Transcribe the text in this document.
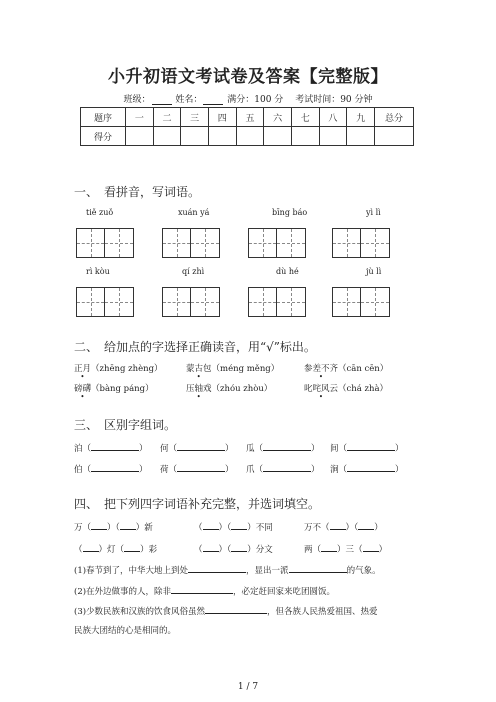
小升初语文考试卷及答案【完整版】
班级：	姓名：	满分：100 分　 考试时间：90 分钟
题序	一	二	三	四	五	六	七	八	九	总分
得分										
一、　看拼音，写词语。
tiě zuǒ	xuán yá	bīng báo	yì lì
rì kòu	qí zhì	dù hé	jù lì
二、　给加点的字选择正确读音，用“√”标出。
正月（zhēng zhèng）	蒙古包（méng měng）	参差不齐（cān cēn）
磅礴（bàng páng）	压轴戏（zhóu zhòu）	叱咤风云（chá zhà）
三、　区别字组词。
泊（	） 何（	） 瓜（	） 间（	）
伯（	） 荷（	） 爪（	） 涧（	）
四、　把下列四字词语补充完整，并选词填空。
万（ ）（ ）新	（ ）（ ）不同	万不（ ）（ ）
（ ）灯（ ）彩	（ ）（ ）分文	两（ ）三（ ）
(1)春节到了，中华大地上到处	，显出一派	的气象。
(2)在外边做事的人，除非	，必定赶回家来吃团圆饭。
(3)少数民族和汉族的饮食风俗虽然	，但各族人民热爱祖国、热爱
民族大团结的心是相同的。
1 / 7
